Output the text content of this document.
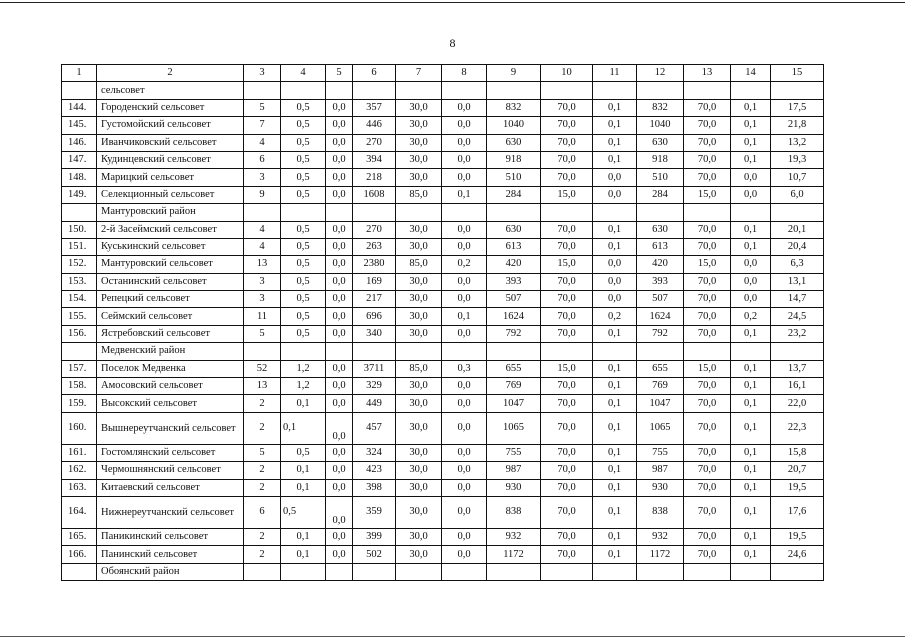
8
1	2	3	4	5	6	7	8	9	10	11	12	13	14	15
	сельсовет													
144.	Городенский сельсовет	5	0,5	0,0	357	30,0	0,0	832	70,0	0,1	832	70,0	0,1	17,5
145.	Густомойский сельсовет	7	0,5	0,0	446	30,0	0,0	1040	70,0	0,1	1040	70,0	0,1	21,8
146.	Иванчиковский сельсовет	4	0,5	0,0	270	30,0	0,0	630	70,0	0,1	630	70,0	0,1	13,2
147.	Кудинцевский сельсовет	6	0,5	0,0	394	30,0	0,0	918	70,0	0,1	918	70,0	0,1	19,3
148.	Марицкий сельсовет	3	0,5	0,0	218	30,0	0,0	510	70,0	0,0	510	70,0	0,0	10,7
149.	Селекционный сельсовет	9	0,5	0,0	1608	85,0	0,1	284	15,0	0,0	284	15,0	0,0	6,0
	Мантуровский район													
150.	2-й Засеймский сельсовет	4	0,5	0,0	270	30,0	0,0	630	70,0	0,1	630	70,0	0,1	20,1
151.	Куськинский сельсовет	4	0,5	0,0	263	30,0	0,0	613	70,0	0,1	613	70,0	0,1	20,4
152.	Мантуровский сельсовет	13	0,5	0,0	2380	85,0	0,2	420	15,0	0,0	420	15,0	0,0	6,3
153.	Останинский сельсовет	3	0,5	0,0	169	30,0	0,0	393	70,0	0,0	393	70,0	0,0	13,1
154.	Репецкий сельсовет	3	0,5	0,0	217	30,0	0,0	507	70,0	0,0	507	70,0	0,0	14,7
155.	Сеймский сельсовет	11	0,5	0,0	696	30,0	0,1	1624	70,0	0,2	1624	70,0	0,2	24,5
156.	Ястребовский сельсовет	5	0,5	0,0	340	30,0	0,0	792	70,0	0,1	792	70,0	0,1	23,2
	Медвенский район													
157.	Поселок Медвенка	52	1,2	0,0	3711	85,0	0,3	655	15,0	0,1	655	15,0	0,1	13,7
158.	Амосовский сельсовет	13	1,2	0,0	329	30,0	0,0	769	70,0	0,1	769	70,0	0,1	16,1
159.	Высокский сельсовет	2	0,1	0,0	449	30,0	0,0	1047	70,0	0,1	1047	70,0	0,1	22,0
160.	Вышнереутчанский сельсовет	2	0,1	0,0	457	30,0	0,0	1065	70,0	0,1	1065	70,0	0,1	22,3
161.	Гостомлянский сельсовет	5	0,5	0,0	324	30,0	0,0	755	70,0	0,1	755	70,0	0,1	15,8
162.	Чермошнянский сельсовет	2	0,1	0,0	423	30,0	0,0	987	70,0	0,1	987	70,0	0,1	20,7
163.	Китаевский сельсовет	2	0,1	0,0	398	30,0	0,0	930	70,0	0,1	930	70,0	0,1	19,5
164.	Нижнереутчанский сельсовет	6	0,5	0,0	359	30,0	0,0	838	70,0	0,1	838	70,0	0,1	17,6
165.	Паникинский сельсовет	2	0,1	0,0	399	30,0	0,0	932	70,0	0,1	932	70,0	0,1	19,5
166.	Панинский сельсовет	2	0,1	0,0	502	30,0	0,0	1172	70,0	0,1	1172	70,0	0,1	24,6
	Обоянский район													
